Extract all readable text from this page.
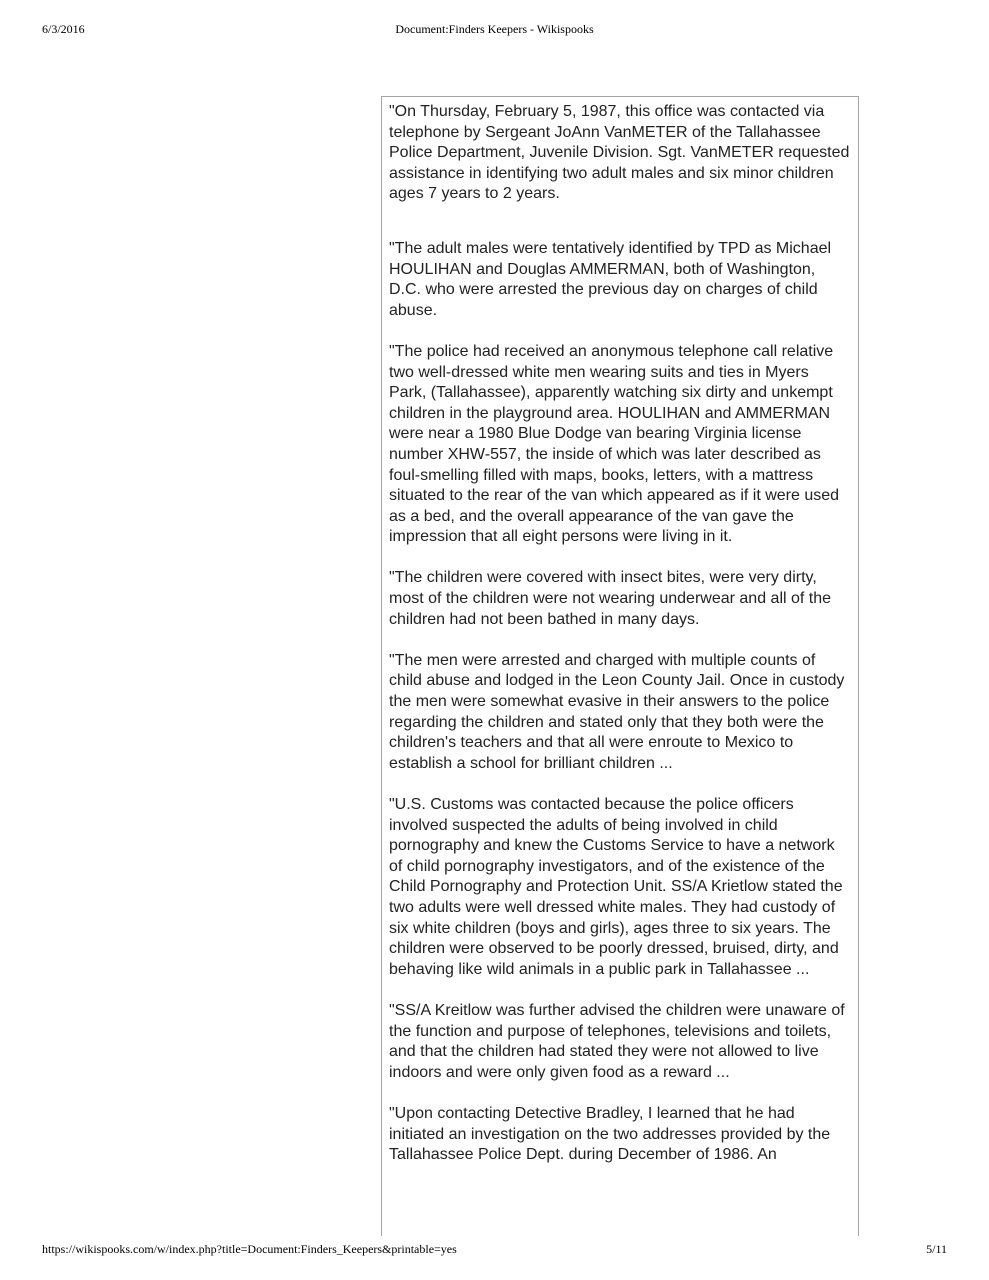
6/3/2016	Document:Finders Keepers - Wikispooks

"On Thursday, February 5, 1987, this office was contacted via telephone by Sergeant JoAnn VanMETER of the Tallahassee Police Department, Juvenile Division. Sgt. VanMETER requested assistance in identifying two adult males and six minor children ages 7 years to 2 years.

"The adult males were tentatively identified by TPD as Michael HOULIHAN and Douglas AMMERMAN, both of Washington, D.C. who were arrested the previous day on charges of child abuse.

"The police had received an anonymous telephone call relative two well-dressed white men wearing suits and ties in Myers Park, (Tallahassee), apparently watching six dirty and unkempt children in the playground area. HOULIHAN and AMMERMAN were near a 1980 Blue Dodge van bearing Virginia license number XHW-557, the inside of which was later described as foul-smelling filled with maps, books, letters, with a mattress situated to the rear of the van which appeared as if it were used as a bed, and the overall appearance of the van gave the impression that all eight persons were living in it.

"The children were covered with insect bites, were very dirty, most of the children were not wearing underwear and all of the children had not been bathed in many days.

"The men were arrested and charged with multiple counts of child abuse and lodged in the Leon County Jail. Once in custody the men were somewhat evasive in their answers to the police regarding the children and stated only that they both were the children's teachers and that all were enroute to Mexico to establish a school for brilliant children ...

"U.S. Customs was contacted because the police officers involved suspected the adults of being involved in child pornography and knew the Customs Service to have a network of child pornography investigators, and of the existence of the Child Pornography and Protection Unit. SS/A Krietlow stated the two adults were well dressed white males. They had custody of six white children (boys and girls), ages three to six years. The children were observed to be poorly dressed, bruised, dirty, and behaving like wild animals in a public park in Tallahassee ...

"SS/A Kreitlow was further advised the children were unaware of the function and purpose of telephones, televisions and toilets, and that the children had stated they were not allowed to live indoors and were only given food as a reward ...

"Upon contacting Detective Bradley, I learned that he had initiated an investigation on the two addresses provided by the Tallahassee Police Dept. during December of 1986. An

https://wikispooks.com/w/index.php?title=Document:Finders_Keepers&printable=yes	5/11
